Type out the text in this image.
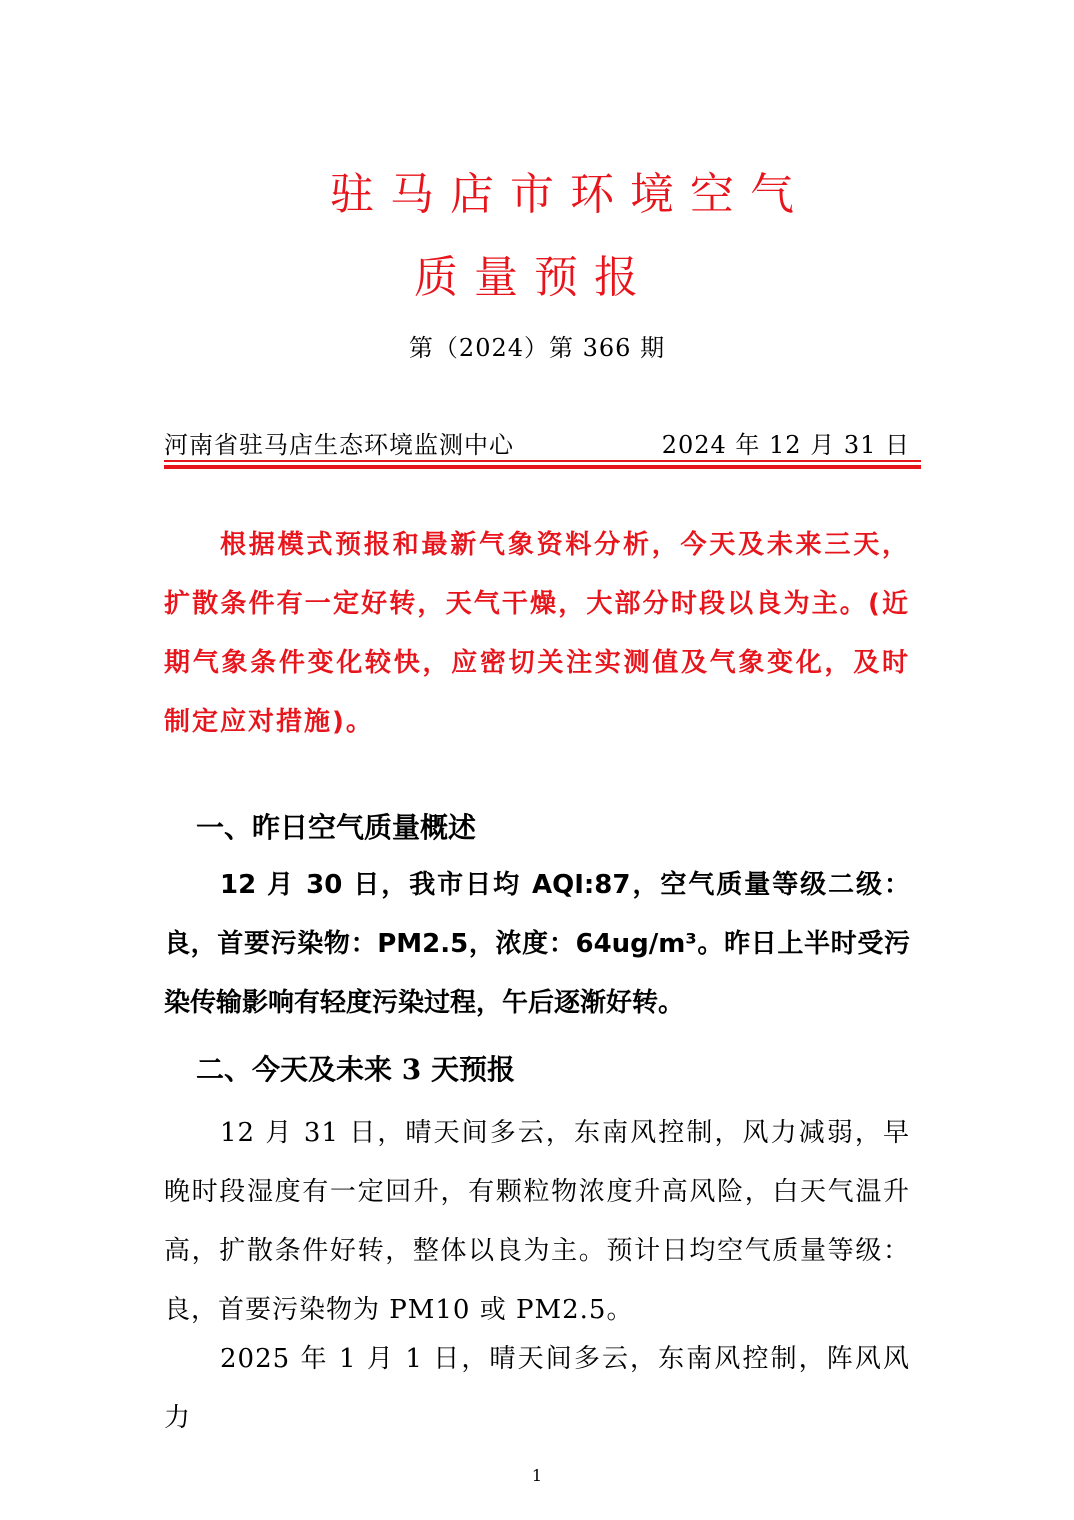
驻马店市环境空气
质量预报
第（2024）第 366 期
河南省驻马店生态环境监测中心	2024 年 12 月 31 日

根据模式预报和最新气象资料分析，今天及未来三天，扩散条件有一定好转，天气干燥，大部分时段以良为主。(近期气象条件变化较快，应密切关注实测值及气象变化，及时制定应对措施)。

一、昨日空气质量概述

12 月 30 日，我市日均 AQI:87，空气质量等级二级：良，首要污染物：PM2.5，浓度：64ug/m³。昨日上半时受污染传输影响有轻度污染过程，午后逐渐好转。

二、今天及未来 3 天预报

12 月 31 日，晴天间多云，东南风控制，风力减弱，早晚时段湿度有一定回升，有颗粒物浓度升高风险，白天气温升高，扩散条件好转，整体以良为主。预计日均空气质量等级：良，首要污染物为 PM10 或 PM2.5。

2025 年 1 月 1 日，晴天间多云，东南风控制，阵风风力

1
